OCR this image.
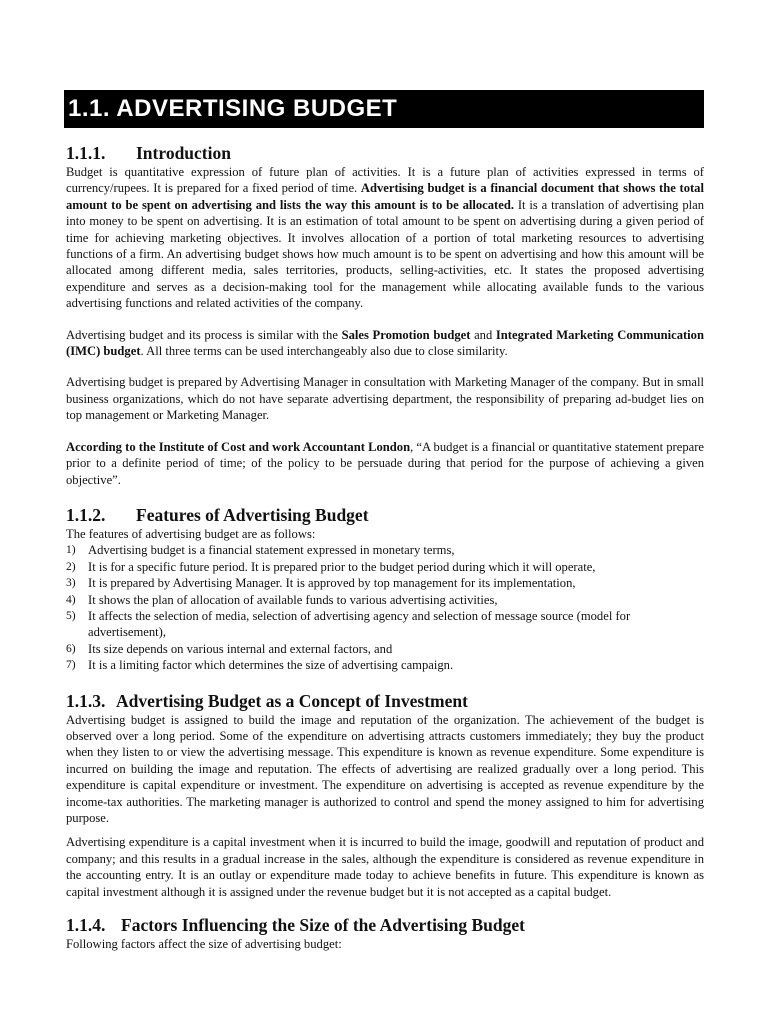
1.1. ADVERTISING BUDGET
1.1.1. Introduction

Budget is quantitative expression of future plan of activities. It is a future plan of activities expressed in terms of currency/rupees. It is prepared for a fixed period of time. Advertising budget is a financial document that shows the total amount to be spent on advertising and lists the way this amount is to be allocated. It is a translation of advertising plan into money to be spent on advertising. It is an estimation of total amount to be spent on advertising during a given period of time for achieving marketing objectives. It involves allocation of a portion of total marketing resources to advertising functions of a firm. An advertising budget shows how much amount is to be spent on advertising and how this amount will be allocated among different media, sales territories, products, selling-activities, etc. It states the proposed advertising expenditure and serves as a decision-making tool for the management while allocating available funds to the various advertising functions and related activities of the company.

Advertising budget and its process is similar with the Sales Promotion budget and Integrated Marketing Communication (IMC) budget. All three terms can be used interchangeably also due to close similarity.

Advertising budget is prepared by Advertising Manager in consultation with Marketing Manager of the company. But in small business organizations, which do not have separate advertising department, the responsibility of preparing ad-budget lies on top management or Marketing Manager.

According to the Institute of Cost and work Accountant London, “A budget is a financial or quantitative statement prepare prior to a definite period of time; of the policy to be persuade during that period for the purpose of achieving a given objective”.

1.1.2. Features of Advertising Budget

The features of advertising budget are as follows:

1) Advertising budget is a financial statement expressed in monetary terms,
2) It is for a specific future period. It is prepared prior to the budget period during which it will operate,
3) It is prepared by Advertising Manager. It is approved by top management for its implementation,
4) It shows the plan of allocation of available funds to various advertising activities,
5) It affects the selection of media, selection of advertising agency and selection of message source (model for advertisement),
6) Its size depends on various internal and external factors, and
7) It is a limiting factor which determines the size of advertising campaign.
1.1.3. Advertising Budget as a Concept of Investment

Advertising budget is assigned to build the image and reputation of the organization. The achievement of the budget is observed over a long period. Some of the expenditure on advertising attracts customers immediately; they buy the product when they listen to or view the advertising message. This expenditure is known as revenue expenditure. Some expenditure is incurred on building the image and reputation. The effects of advertising are realized gradually over a long period. This expenditure is capital expenditure or investment. The expenditure on advertising is accepted as revenue expenditure by the income-tax authorities. The marketing manager is authorized to control and spend the money assigned to him for advertising purpose.

Advertising expenditure is a capital investment when it is incurred to build the image, goodwill and reputation of product and company; and this results in a gradual increase in the sales, although the expenditure is considered as revenue expenditure in the accounting entry. It is an outlay or expenditure made today to achieve benefits in future. This expenditure is known as capital investment although it is assigned under the revenue budget but it is not accepted as a capital budget.

1.1.4. Factors Influencing the Size of the Advertising Budget

Following factors affect the size of advertising budget:
